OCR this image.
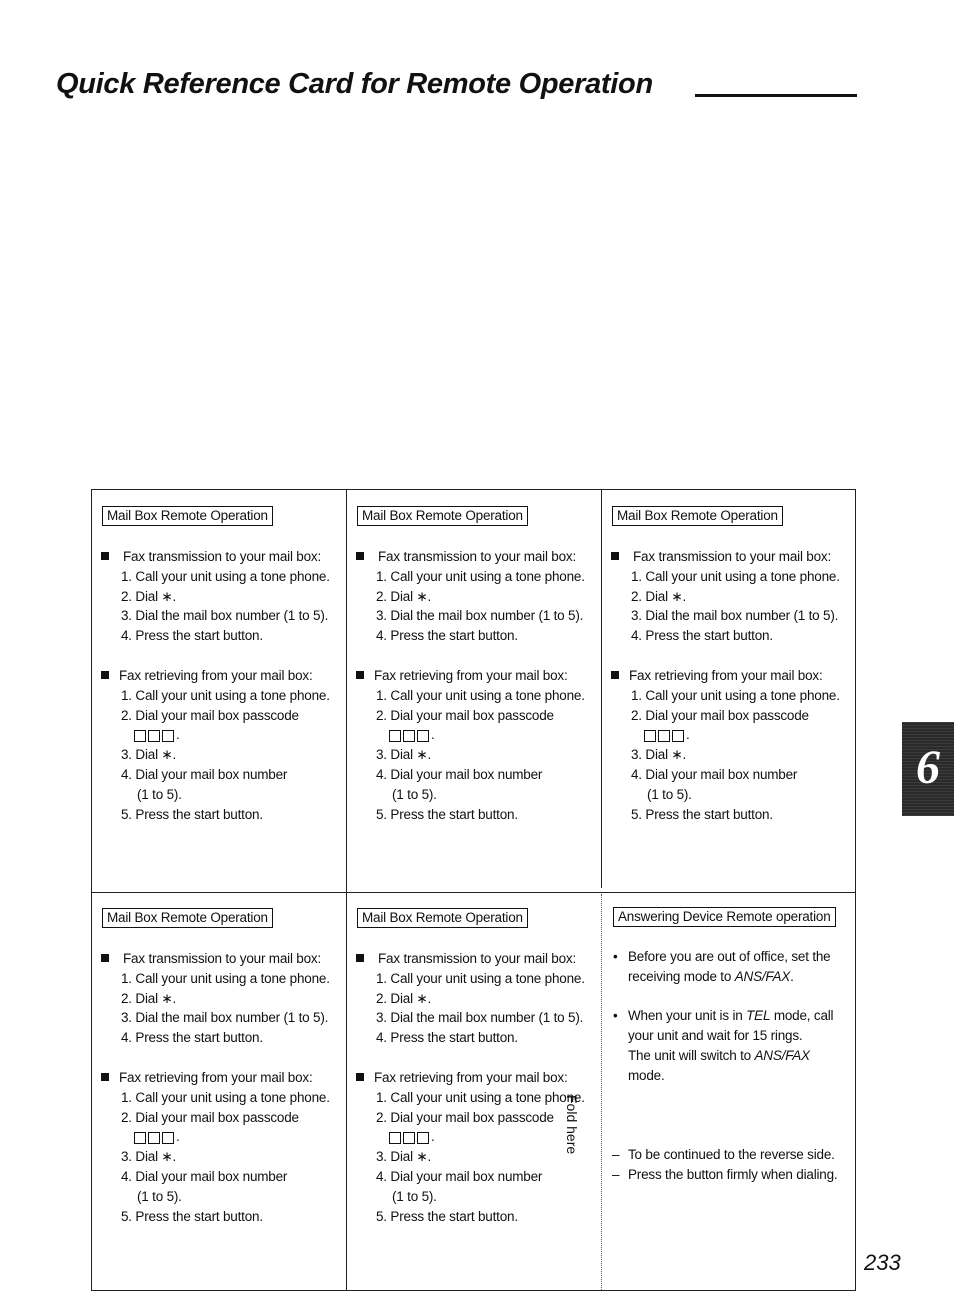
Quick Reference Card for Remote Operation
Mail Box Remote Operation
Fax transmission to your mail box:
1. Call your unit using a tone phone.
2. Dial ∗.
3. Dial the mail box number (1 to 5).
4. Press the start button.
Fax retrieving from your mail box:
1. Call your unit using a tone phone.
2. Dial your mail box passcode
.
3. Dial ∗.
4. Dial your mail box number
(1 to 5).
5. Press the start button.
Mail Box Remote Operation
Fax transmission to your mail box:
1. Call your unit using a tone phone.
2. Dial ∗.
3. Dial the mail box number (1 to 5).
4. Press the start button.
Fax retrieving from your mail box:
1. Call your unit using a tone phone.
2. Dial your mail box passcode
.
3. Dial ∗.
4. Dial your mail box number
(1 to 5).
5. Press the start button.
Mail Box Remote Operation
Fax transmission to your mail box:
1. Call your unit using a tone phone.
2. Dial ∗.
3. Dial the mail box number (1 to 5).
4. Press the start button.
Fax retrieving from your mail box:
1. Call your unit using a tone phone.
2. Dial your mail box passcode
.
3. Dial ∗.
4. Dial your mail box number
(1 to 5).
5. Press the start button.
Mail Box Remote Operation
Fax transmission to your mail box:
1. Call your unit using a tone phone.
2. Dial ∗.
3. Dial the mail box number (1 to 5).
4. Press the start button.
Fax retrieving from your mail box:
1. Call your unit using a tone phone.
2. Dial your mail box passcode
.
3. Dial ∗.
4. Dial your mail box number
(1 to 5).
5. Press the start button.
Mail Box Remote Operation
Fax transmission to your mail box:
1. Call your unit using a tone phone.
2. Dial ∗.
3. Dial the mail box number (1 to 5).
4. Press the start button.
Fax retrieving from your mail box:
1. Call your unit using a tone phone.
2. Dial your mail box passcode
.
3. Dial ∗.
4. Dial your mail box number
(1 to 5).
5. Press the start button.
Answering Device Remote operation
• Before you are out of office, set the
receiving mode to ANS/FAX.
• When your unit is in TEL mode, call
your unit and wait for 15 rings.
The unit will switch to ANS/FAX
mode.
– To be continued to the reverse side.
– Press the button firmly when dialing.
Fold here
6
233
